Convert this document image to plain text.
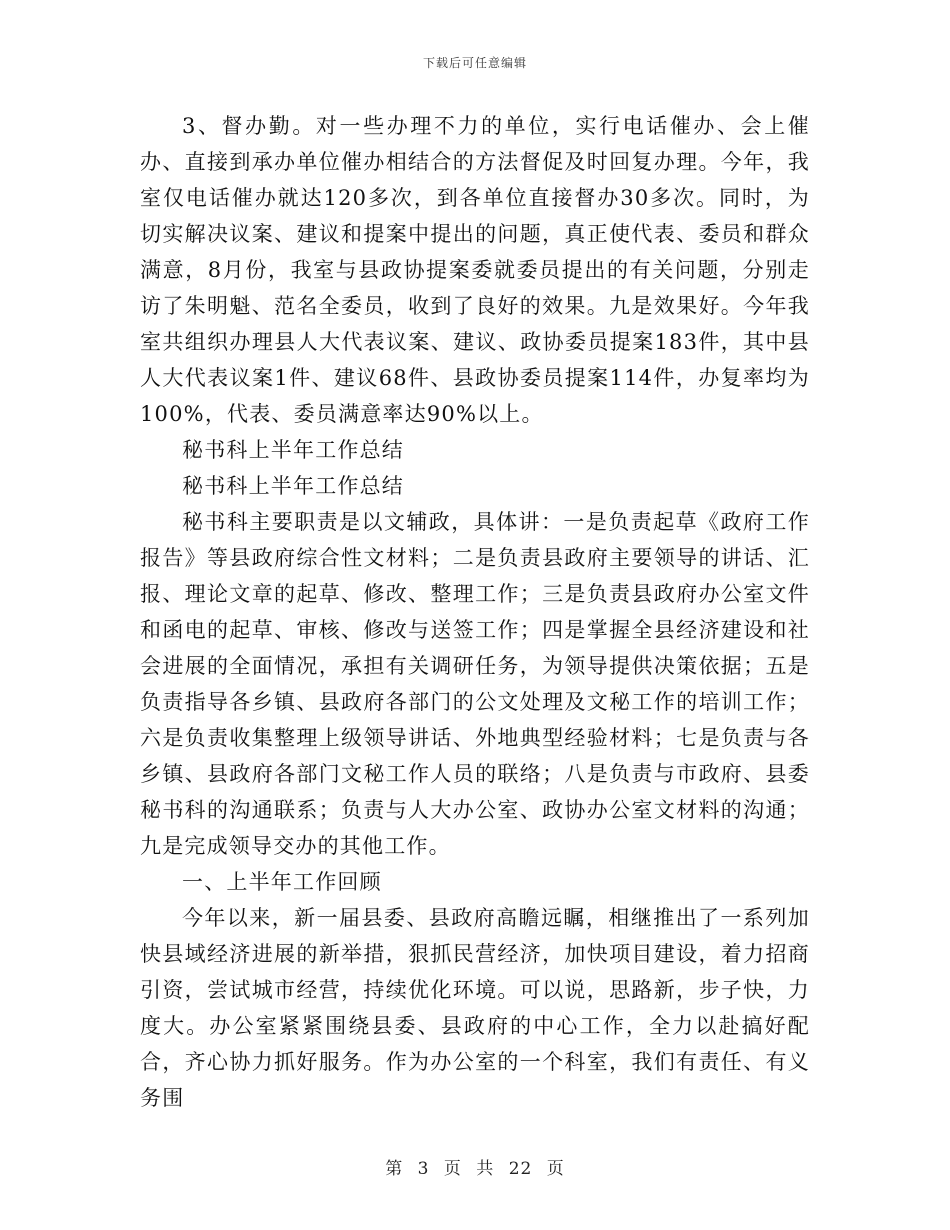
下载后可任意编辑

3、督办勤。对一些办理不力的单位，实行电话催办、会上催办、直接到承办单位催办相结合的方法督促及时回复办理。今年，我室仅电话催办就达120多次，到各单位直接督办30多次。同时，为切实解决议案、建议和提案中提出的问题，真正使代表、委员和群众满意，8月份，我室与县政协提案委就委员提出的有关问题，分别走访了朱明魁、范名全委员，收到了良好的效果。九是效果好。今年我室共组织办理县人大代表议案、建议、政协委员提案183件，其中县人大代表议案1件、建议68件、县政协委员提案114件，办复率均为100%，代表、委员满意率达90%以上。

秘书科上半年工作总结

秘书科上半年工作总结

秘书科主要职责是以文辅政，具体讲：一是负责起草《政府工作报告》等县政府综合性文材料；二是负责县政府主要领导的讲话、汇报、理论文章的起草、修改、整理工作；三是负责县政府办公室文件和函电的起草、审核、修改与送签工作；四是掌握全县经济建设和社会进展的全面情况，承担有关调研任务，为领导提供决策依据；五是负责指导各乡镇、县政府各部门的公文处理及文秘工作的培训工作；六是负责收集整理上级领导讲话、外地典型经验材料；七是负责与各乡镇、县政府各部门文秘工作人员的联络；八是负责与市政府、县委秘书科的沟通联系；负责与人大办公室、政协办公室文材料的沟通；九是完成领导交办的其他工作。

一、上半年工作回顾

今年以来，新一届县委、县政府高瞻远瞩，相继推出了一系列加快县域经济进展的新举措，狠抓民营经济，加快项目建设，着力招商引资，尝试城市经营，持续优化环境。可以说，思路新，步子快，力度大。办公室紧紧围绕县委、县政府的中心工作，全力以赴搞好配合，齐心协力抓好服务。作为办公室的一个科室，我们有责任、有义务围

第 3 页 共 22 页
